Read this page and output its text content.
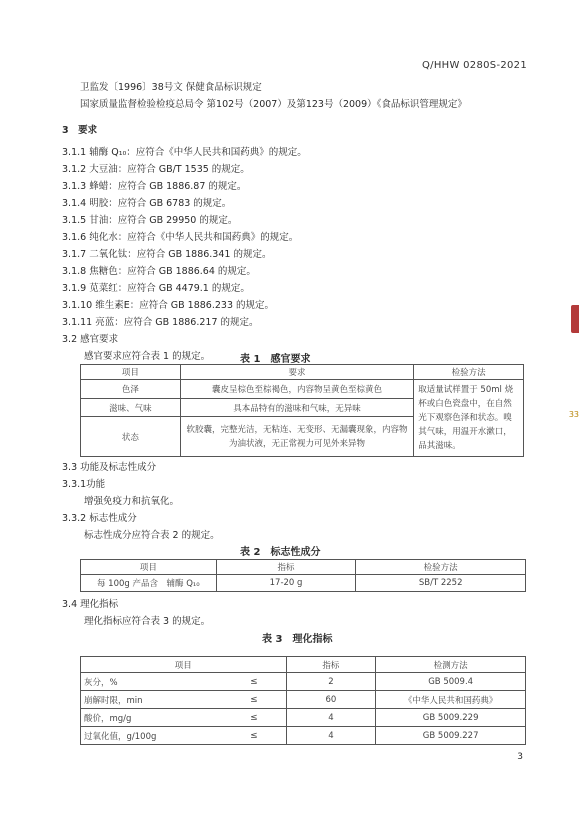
Q/HHW 0280S-2021
卫监发〔1996〕38号文 保健食品标识规定
国家质量监督检验检疫总局令 第102号（2007）及第123号（2009）《食品标识管理规定》
3　要求
3.1.1 辅酶 Q₁₀：应符合《中华人民共和国药典》的规定。
3.1.2 大豆油：应符合 GB/T 1535 的规定。
3.1.3 蜂蜡：应符合 GB 1886.87 的规定。
3.1.4 明胶：应符合 GB 6783 的规定。
3.1.5 甘油：应符合 GB 29950 的规定。
3.1.6 纯化水：应符合《中华人民共和国药典》的规定。
3.1.7 二氧化钛：应符合 GB 1886.341 的规定。
3.1.8 焦糖色：应符合 GB 1886.64 的规定。
3.1.9 苋菜红：应符合 GB 4479.1 的规定。
3.1.10 维生素E：应符合 GB 1886.233 的规定。
3.1.11 亮蓝：应符合 GB 1886.217 的规定。
3.2 感官要求
感官要求应符合表 1 的规定。	表 1　感官要求
项目	要求	检验方法
色泽	囊皮呈棕色至棕褐色，内容物呈黄色至棕黄色	取适量试样置于 50ml 烧杯或白色瓷盘中，在自然光下观察色泽和状态。嗅其气味，用温开水漱口，品其滋味。
滋味、气味	具本品特有的滋味和气味，无异味	
状态	软胶囊，完整光洁，无粘连、无变形、无漏囊现象，内容物为油状液，无正常视力可见外来异物	
3.3 功能及标志性成分
3.3.1功能
增强免疫力和抗氧化。
3.3.2 标志性成分
标志性成分应符合表 2 的规定。
表 2　标志性成分
项目	指标	检验方法
每 100g 产品含　辅酶 Q₁₀	17-20 g	SB/T 2252
3.4 理化指标
理化指标应符合表 3 的规定。
表 3　理化指标
项目		指标	检测方法
灰分，%	≤	2	GB 5009.4
崩解时限，min	≤	60	《中华人民共和国药典》
酸价，mg/g	≤	4	GB 5009.229
过氧化值，g/100g	≤	4	GB 5009.227
33
3
